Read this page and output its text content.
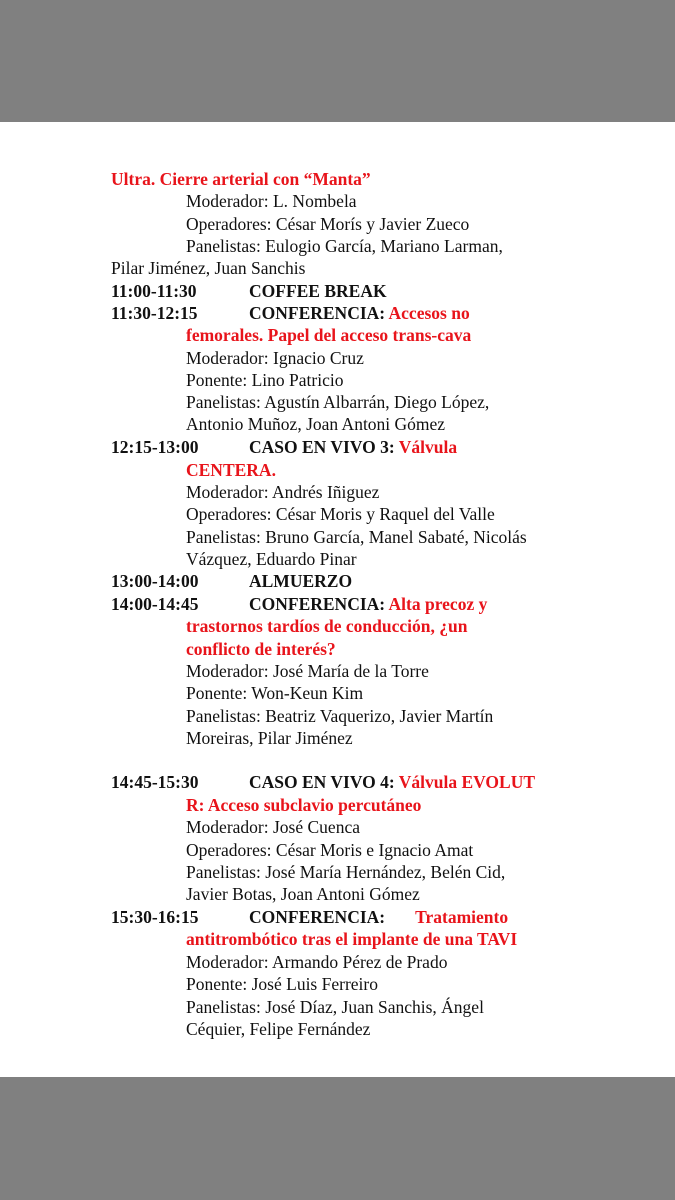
Ultra. Cierre arterial con “Manta”
Moderador: L. Nombela
Operadores: César Morís y Javier Zueco
Panelistas: Eulogio García, Mariano Larman,
Pilar Jiménez, Juan Sanchis
11:00-11:30	COFFEE BREAK
11:30-12:15	CONFERENCIA: Accesos no
femorales. Papel del acceso trans-cava
Moderador: Ignacio Cruz
Ponente: Lino Patricio
Panelistas: Agustín Albarrán, Diego López,
Antonio Muñoz, Joan Antoni Gómez
12:15-13:00	CASO EN VIVO 3: Válvula
CENTERA.
Moderador: Andrés Iñiguez
Operadores: César Moris y Raquel del Valle
Panelistas: Bruno García, Manel Sabaté, Nicolás
Vázquez, Eduardo Pinar
13:00-14:00	ALMUERZO
14:00-14:45	CONFERENCIA: Alta precoz y
trastornos tardíos de conducción, ¿un
conflicto de interés?
Moderador: José María de la Torre
Ponente: Won-Keun Kim
Panelistas: Beatriz Vaquerizo, Javier Martín
Moreiras, Pilar Jiménez
14:45-15:30	CASO EN VIVO 4: Válvula EVOLUT
R: Acceso subclavio percutáneo
Moderador: José Cuenca
Operadores: César Moris e Ignacio Amat
Panelistas: José María Hernández, Belén Cid,
Javier Botas, Joan Antoni Gómez
15:30-16:15	CONFERENCIA: Tratamiento
antitrombótico tras el implante de una TAVI
Moderador: Armando Pérez de Prado
Ponente: José Luis Ferreiro
Panelistas: José Díaz, Juan Sanchis, Ángel
Céquier, Felipe Fernández
